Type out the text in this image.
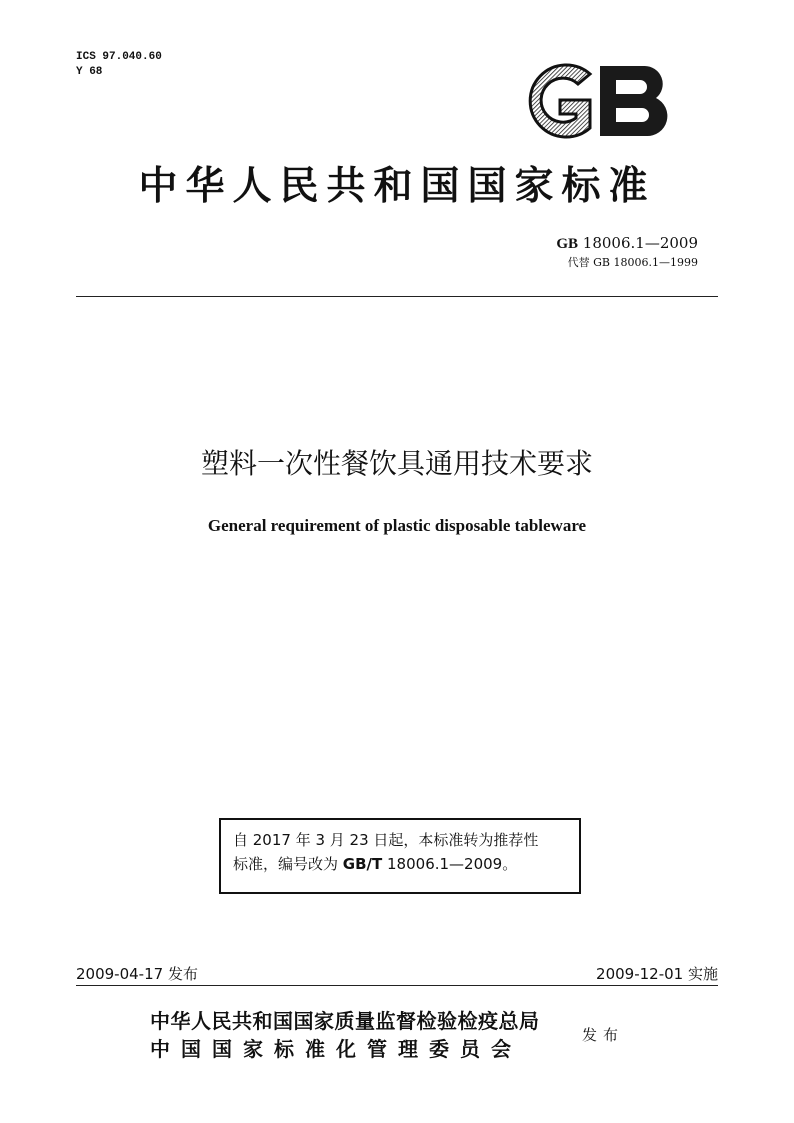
ICS 97.040.60
Y 68
GB
中华人民共和国国家标准
GB 18006.1—2009
代替 GB 18006.1—1999
塑料一次性餐饮具通用技术要求
General requirement of plastic disposable tableware
自 2017 年 3 月 23 日起，本标准转为推荐性
标准，编号改为 GB/T 18006.1—2009。
2009-04-17 发布	2009-12-01 实施
中华人民共和国国家质量监督检验检疫总局
中国国家标准化管理委员会
发布
